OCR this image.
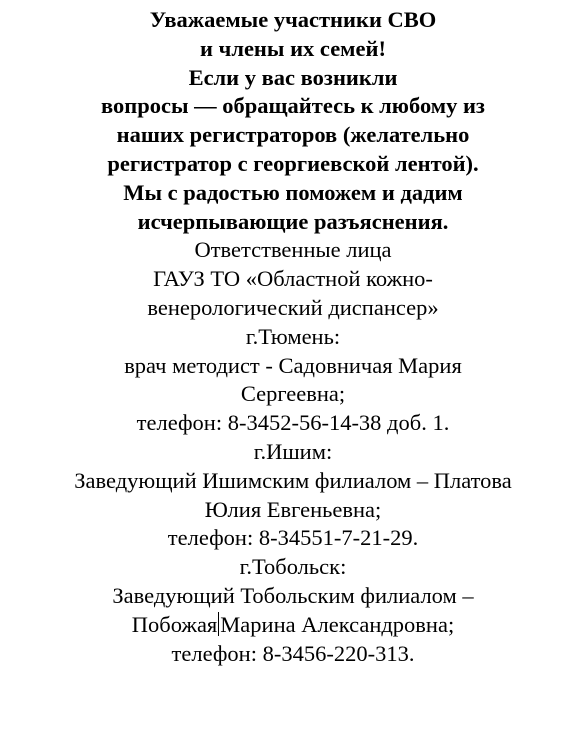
Уважаемые участники СВО
и члены их семей!
Если у вас возникли
вопросы — обращайтесь к любому из
наших регистраторов (желательно
регистратор с георгиевской лентой).
Мы с радостью поможем и дадим
исчерпывающие разъяснения.
Ответственные лица
ГАУЗ ТО «Областной кожно-
венерологический диспансер»
г.Тюмень:
врач методист - Садовничая Мария
Сергеевна;
телефон: 8-3452-56-14-38 доб. 1.
г.Ишим:
Заведующий Ишимским филиалом – Платова
Юлия Евгеньевна;
телефон: 8-34551-7-21-29.
г.Тобольск:
Заведующий Тобольским филиалом –
Побожая Марина Александровна;
телефон: 8-3456-220-313.
